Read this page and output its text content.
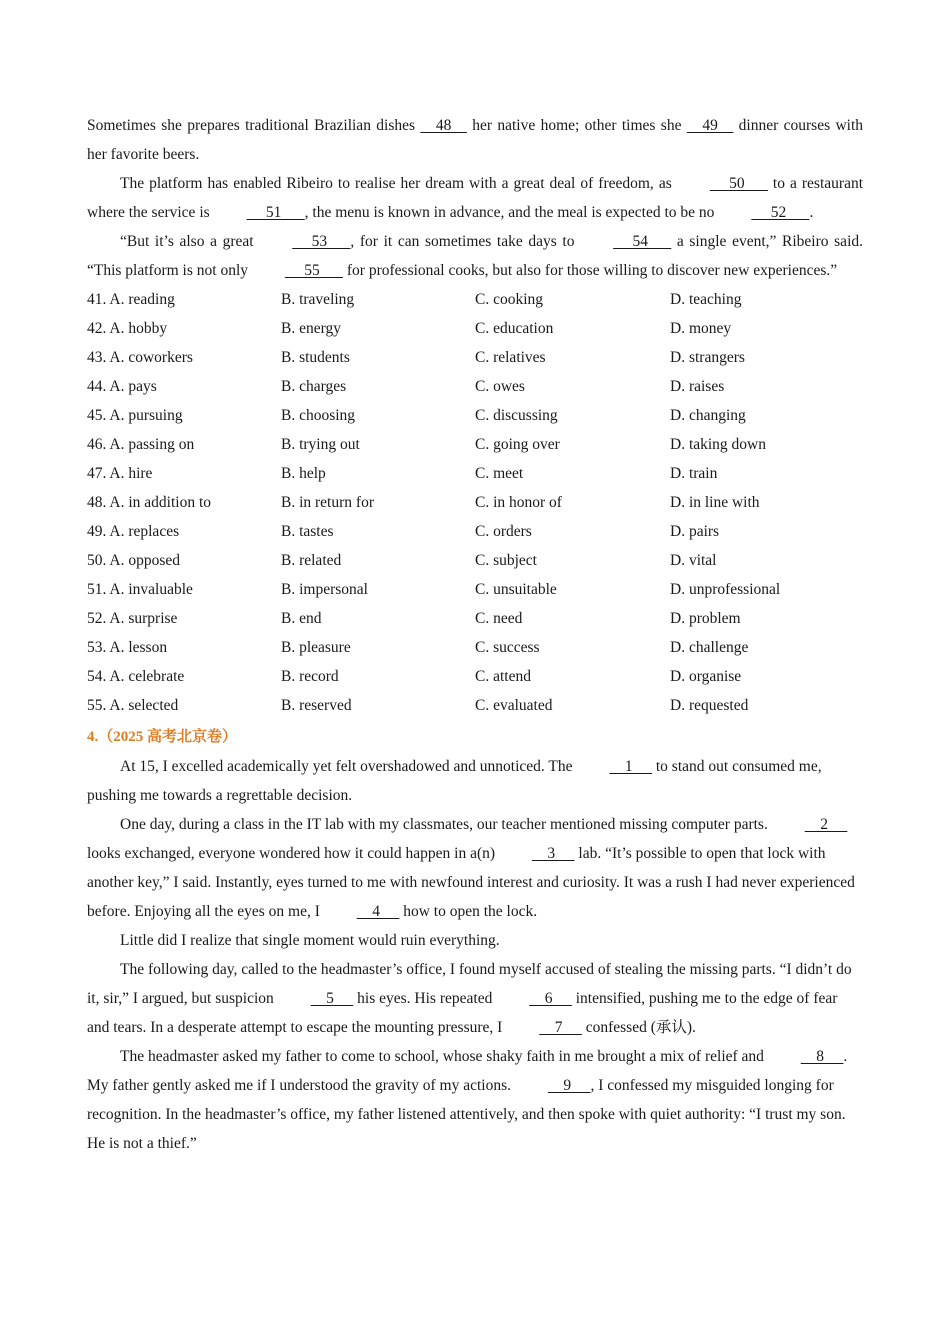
Sometimes she prepares traditional Brazilian dishes     48     her native home; other times she     49     dinner courses with her favorite beers.

The platform has enabled Ribeiro to realise her dream with a great deal of freedom, as      50       to a restaurant where the service is      51      , the menu is known in advance, and the meal is expected to be no      52      .

“But it’s also a great      53      , for it can sometimes take days to      54       a single event,” Ribeiro said. “This platform is not only      55       for professional cooks, but also for those willing to discover new experiences.”

41. A. reading	B. traveling	C. cooking	D. teaching
42. A. hobby	B. energy	C. education	D. money
43. A. coworkers	B. students	C. relatives	D. strangers
44. A. pays	B. charges	C. owes	D. raises
45. A. pursuing	B. choosing	C. discussing	D. changing
46. A. passing on	B. trying out	C. going over	D. taking down
47. A. hire	B. help	C. meet	D. train
48. A. in addition to	B. in return for	C. in honor of	D. in line with
49. A. replaces	B. tastes	C. orders	D. pairs
50. A. opposed	B. related	C. subject	D. vital
51. A. invaluable	B. impersonal	C. unsuitable	D. unprofessional
52. A. surprise	B. end	C. need	D. problem
53. A. lesson	B. pleasure	C. success	D. challenge
54. A. celebrate	B. record	C. attend	D. organise
55. A. selected	B. reserved	C. evaluated	D. requested

4.（2025 高考北京卷）

At 15, I excelled academically yet felt overshadowed and unnoticed. The     1      to stand out consumed me, pushing me towards a regrettable decision.

One day, during a class in the IT lab with my classmates, our teacher mentioned missing computer parts.     2      looks exchanged, everyone wondered how it could happen in a(n)     3      lab. “It’s possible to open that lock with another key,” I said. Instantly, eyes turned to me with newfound interest and curiosity. It was a rush I had never experienced before. Enjoying all the eyes on me, I     4      how to open the lock.

Little did I realize that single moment would ruin everything.

The following day, called to the headmaster’s office, I found myself accused of stealing the missing parts. “I didn’t do it, sir,” I argued, but suspicion     5      his eyes. His repeated     6      intensified, pushing me to the edge of fear and tears. In a desperate attempt to escape the mounting pressure, I     7      confessed (承认).

The headmaster asked my father to come to school, whose shaky faith in me brought a mix of relief and     8     . My father gently asked me if I understood the gravity of my actions.     9     , I confessed my misguided longing for recognition. In the headmaster’s office, my father listened attentively, and then spoke with quiet authority: “I trust my son. He is not a thief.”
